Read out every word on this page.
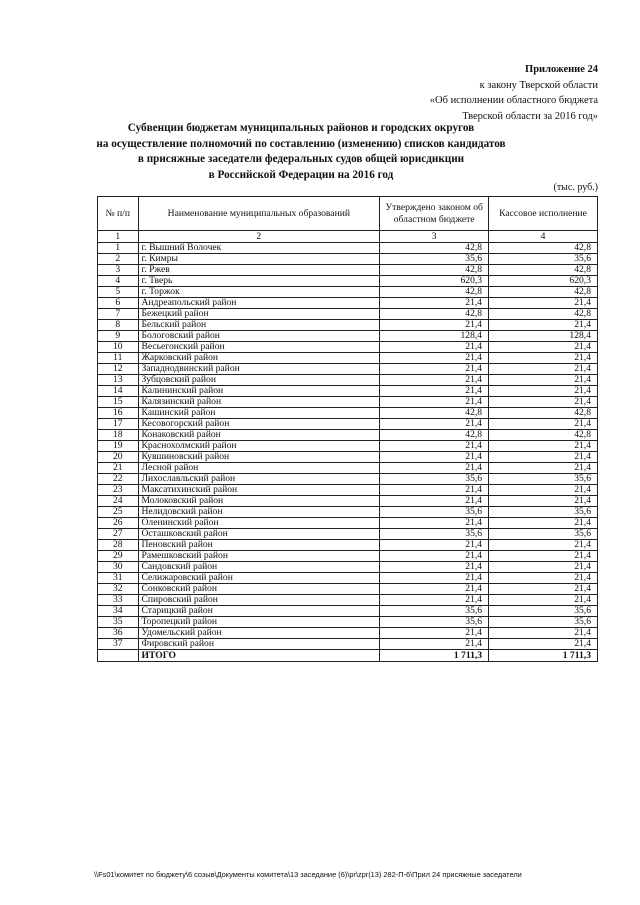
Приложение 24
к закону Тверской области
«Об исполнении областного бюджета
Тверской области за 2016 год»
Субвенции бюджетам муниципальных районов и городских округов
на осуществление полномочий по составлению (изменению) списков кандидатов
в присяжные заседатели федеральных судов общей юрисдикции
в Российской Федерации на 2016 год
(тыс. руб.)
№ п/п	Наименование муниципальных образований	Утверждено законом об областном бюджете	Кассовое исполнение
1	2	3	4
1	г. Вышний Волочек	42,8	42,8
2	г. Кимры	35,6	35,6
3	г. Ржев	42,8	42,8
4	г. Тверь	620,3	620,3
5	г. Торжок	42,8	42,8
6	Андреапольский район	21,4	21,4
7	Бежецкий район	42,8	42,8
8	Бельский район	21,4	21,4
9	Бологовский район	128,4	128,4
10	Весьегонский район	21,4	21,4
11	Жарковский район	21,4	21,4
12	Западнодвинский район	21,4	21,4
13	Зубцовский район	21,4	21,4
14	Калининский район	21,4	21,4
15	Калязинский район	21,4	21,4
16	Кашинский район	42,8	42,8
17	Кесовогорский район	21,4	21,4
18	Конаковский район	42,8	42,8
19	Краснохолмский район	21,4	21,4
20	Кувшиновский район	21,4	21,4
21	Лесной район	21,4	21,4
22	Лихославльский район	35,6	35,6
23	Максатихинский район	21,4	21,4
24	Молоковский район	21,4	21,4
25	Нелидовский район	35,6	35,6
26	Оленинский район	21,4	21,4
27	Осташковский район	35,6	35,6
28	Пеновский район	21,4	21,4
29	Рамешковский район	21,4	21,4
30	Сандовский район	21,4	21,4
31	Селижаровский район	21,4	21,4
32	Сонковский район	21,4	21,4
33	Спировский район	21,4	21,4
34	Старицкий район	35,6	35,6
35	Торопецкий район	35,6	35,6
36	Удомельский район	21,4	21,4
37	Фировский район	21,4	21,4
	ИТОГО	1 711,3	1 711,3
\\Fs01\комитет по бюджету\6 созыв\Документы комитета\13 заседание (6)\pr\zpr(13) 282-П-6\Прил 24 присяжные заседатели
